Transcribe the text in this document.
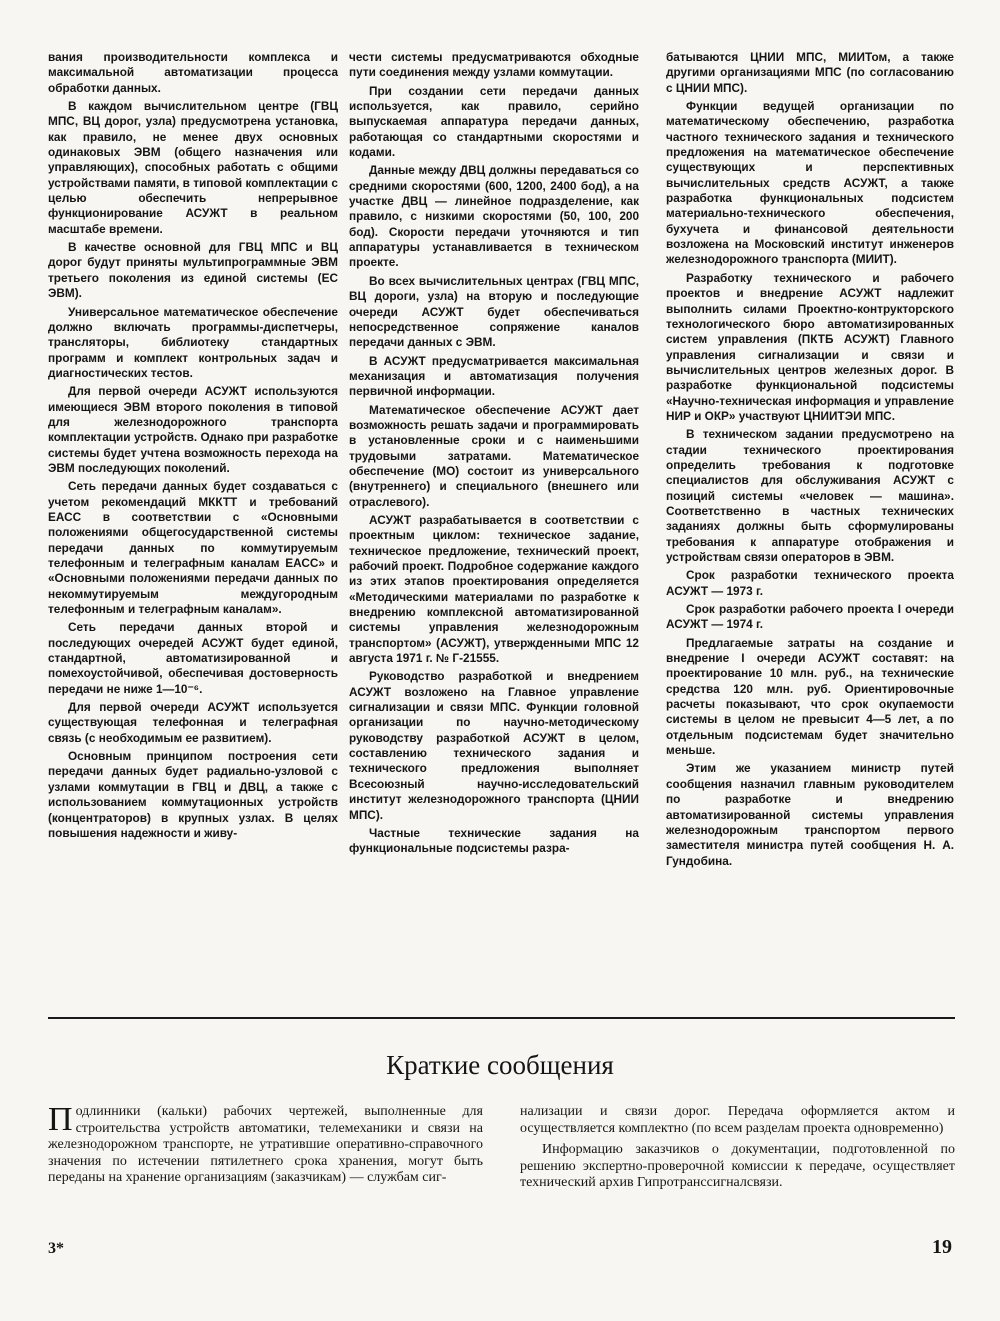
вания производительности комплекса и максимальной автоматизации процесса обработки данных.

В каждом вычислительном центре (ГВЦ МПС, ВЦ дорог, узла) предусмотрена установка, как правило, не менее двух основных одинаковых ЭВМ (общего назначения или управляющих), способных работать с общими устройствами памяти, в типовой комплектации с целью обеспечить непрерывное функционирование АСУЖТ в реальном масштабе времени.

В качестве основной для ГВЦ МПС и ВЦ дорог будут приняты мультипрограммные ЭВМ третьего поколения из единой системы (ЕС ЭВМ).

Универсальное математическое обеспечение должно включать программы-диспетчеры, трансляторы, библиотеку стандартных программ и комплект контрольных задач и диагностических тестов.

Для первой очереди АСУЖТ используются имеющиеся ЭВМ второго поколения в типовой для железнодорожного транспорта комплектации устройств. Однако при разработке системы будет учтена возможность перехода на ЭВМ последующих поколений.

Сеть передачи данных будет создаваться с учетом рекомендаций МККТТ и требований ЕАСС в соответствии с «Основными положениями общегосударственной системы передачи данных по коммутируемым телефонным и телеграфным каналам ЕАСС» и «Основными положениями передачи данных по некоммутируемым междугородным телефонным и телеграфным каналам».

Сеть передачи данных второй и последующих очередей АСУЖТ будет единой, стандартной, автоматизированной и помехоустойчивой, обеспечивая достоверность передачи не ниже 1—10⁻⁶.

Для первой очереди АСУЖТ используется существующая телефонная и телеграфная связь (с необходимым ее развитием).

Основным принципом построения сети передачи данных будет радиально-узловой с узлами коммутации в ГВЦ и ДВЦ, а также с использованием коммутационных устройств (концентраторов) в крупных узлах. В целях повышения надежности и живу-

чести системы предусматриваются обходные пути соединения между узлами коммутации.

При создании сети передачи данных используется, как правило, серийно выпускаемая аппаратура передачи данных, работающая со стандартными скоростями и кодами.

Данные между ДВЦ должны передаваться со средними скоростями (600, 1200, 2400 бод), а на участке ДВЦ — линейное подразделение, как правило, с низкими скоростями (50, 100, 200 бод). Скорости передачи уточняются и тип аппаратуры устанавливается в техническом проекте.

Во всех вычислительных центрах (ГВЦ МПС, ВЦ дороги, узла) на вторую и последующие очереди АСУЖТ будет обеспечиваться непосредственное сопряжение каналов передачи данных с ЭВМ.

В АСУЖТ предусматривается максимальная механизация и автоматизация получения первичной информации.

Математическое обеспечение АСУЖТ дает возможность решать задачи и программировать в установленные сроки и с наименьшими трудовыми затратами. Математическое обеспечение (МО) состоит из универсального (внутреннего) и специального (внешнего или отраслевого).

АСУЖТ разрабатывается в соответствии с проектным циклом: техническое задание, техническое предложение, технический проект, рабочий проект. Подробное содержание каждого из этих этапов проектирования определяется «Методическими материалами по разработке к внедрению комплексной автоматизированной системы управления железнодорожным транспортом» (АСУЖТ), утвержденными МПС 12 августа 1971 г. № Г-21555.

Руководство разработкой и внедрением АСУЖТ возложено на Главное управление сигнализации и связи МПС. Функции головной организации по научно-методическому руководству разработкой АСУЖТ в целом, составлению технического задания и технического предложения выполняет Всесоюзный научно-исследовательский институт железнодорожного транспорта (ЦНИИ МПС).

Частные технические задания на функциональные подсистемы разра-

батываются ЦНИИ МПС, МИИТом, а также другими организациями МПС (по согласованию с ЦНИИ МПС).

Функции ведущей организации по математическому обеспечению, разработка частного технического задания и технического предложения на математическое обеспечение существующих и перспективных вычислительных средств АСУЖТ, а также разработка функциональных подсистем материально-технического обеспечения, бухучета и финансовой деятельности возложена на Московский институт инженеров железнодорожного транспорта (МИИТ).

Разработку технического и рабочего проектов и внедрение АСУЖТ надлежит выполнить силами Проектно-контрукторского технологического бюро автоматизированных систем управления (ПКТБ АСУЖТ) Главного управления сигнализации и связи и вычислительных центров железных дорог. В разработке функциональной подсистемы «Научно-техническая информация и управление НИР и ОКР» участвуют ЦНИИТЭИ МПС.

В техническом задании предусмотрено на стадии технического проектирования определить требования к подготовке специалистов для обслуживания АСУЖТ с позиций системы «человек — машина». Соответственно в частных технических заданиях должны быть сформулированы требования к аппаратуре отображения и устройствам связи операторов в ЭВМ.

Срок разработки технического проекта АСУЖТ — 1973 г.

Срок разработки рабочего проекта I очереди АСУЖТ — 1974 г.

Предлагаемые затраты на создание и внедрение I очереди АСУЖТ составят: на проектирование 10 млн. руб., на технические средства 120 млн. руб. Ориентировочные расчеты показывают, что срок окупаемости системы в целом не превысит 4—5 лет, а по отдельным подсистемам будет значительно меньше.

Этим же указанием министр путей сообщения назначил главным руководителем по разработке и внедрению автоматизированной системы управления железнодорожным транспортом первого заместителя министра путей сообщения Н. А. Гундобина.

Краткие сообщения

Подлинники (кальки) рабочих чертежей, выполненные для строительства устройств автоматики, телемеханики и связи на железнодорожном транспорте, не утратившие оперативно-справочного значения по истечении пятилетнего срока хранения, могут быть переданы на хранение организациям (заказчикам) — службам сиг-

нализации и связи дорог. Передача оформляется актом и осуществляется комплектно (по всем разделам проекта одновременно)

Информацию заказчиков о документации, подготовленной по решению экспертно-проверочной комиссии к передаче, осуществляет технический архив Гипротранссигналсвязи.

3*	19
